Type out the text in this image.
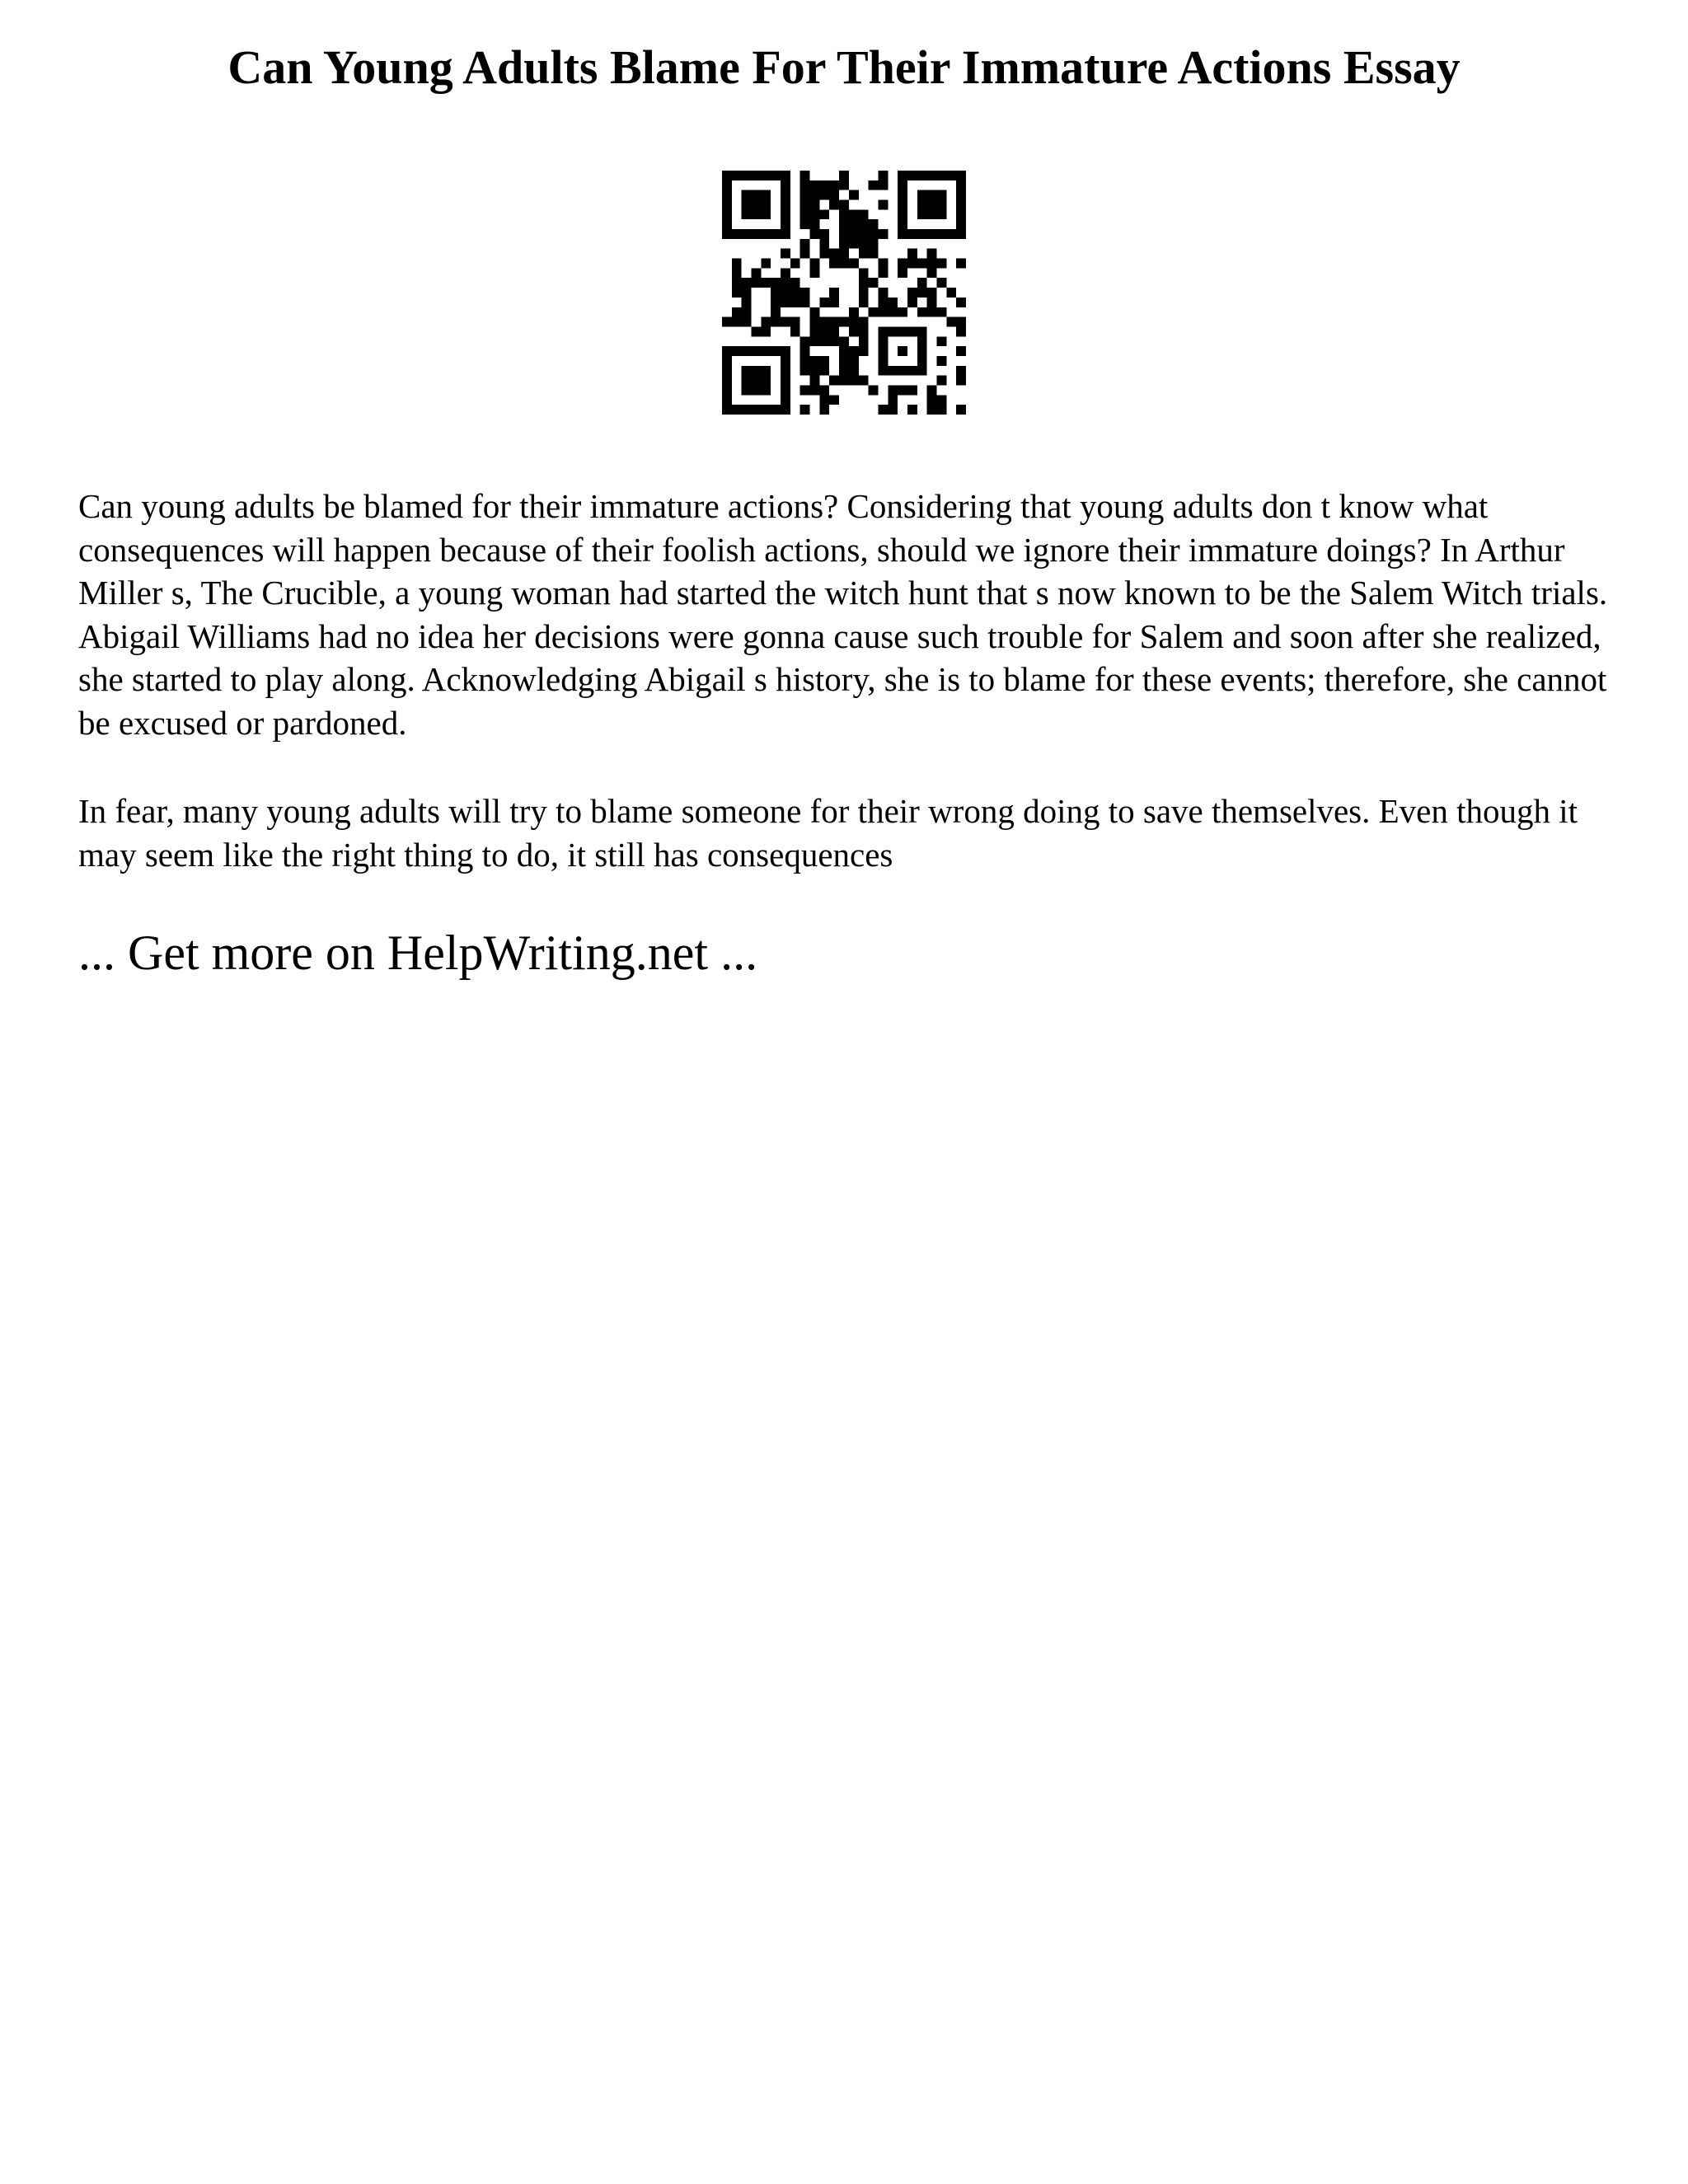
Can Young Adults Blame For Their Immature Actions Essay

Can young adults be blamed for their immature actions? Considering that young adults don t know what consequences will happen because of their foolish actions, should we ignore their immature doings? In Arthur Miller s, The Crucible, a young woman had started the witch hunt that s now known to be the Salem Witch trials. Abigail Williams had no idea her decisions were gonna cause such trouble for Salem and soon after she realized, she started to play along. Acknowledging Abigail s history, she is to blame for these events; therefore, she cannot be excused or pardoned.

In fear, many young adults will try to blame someone for their wrong doing to save themselves. Even though it may seem like the right thing to do, it still has consequences

... Get more on HelpWriting.net ...
